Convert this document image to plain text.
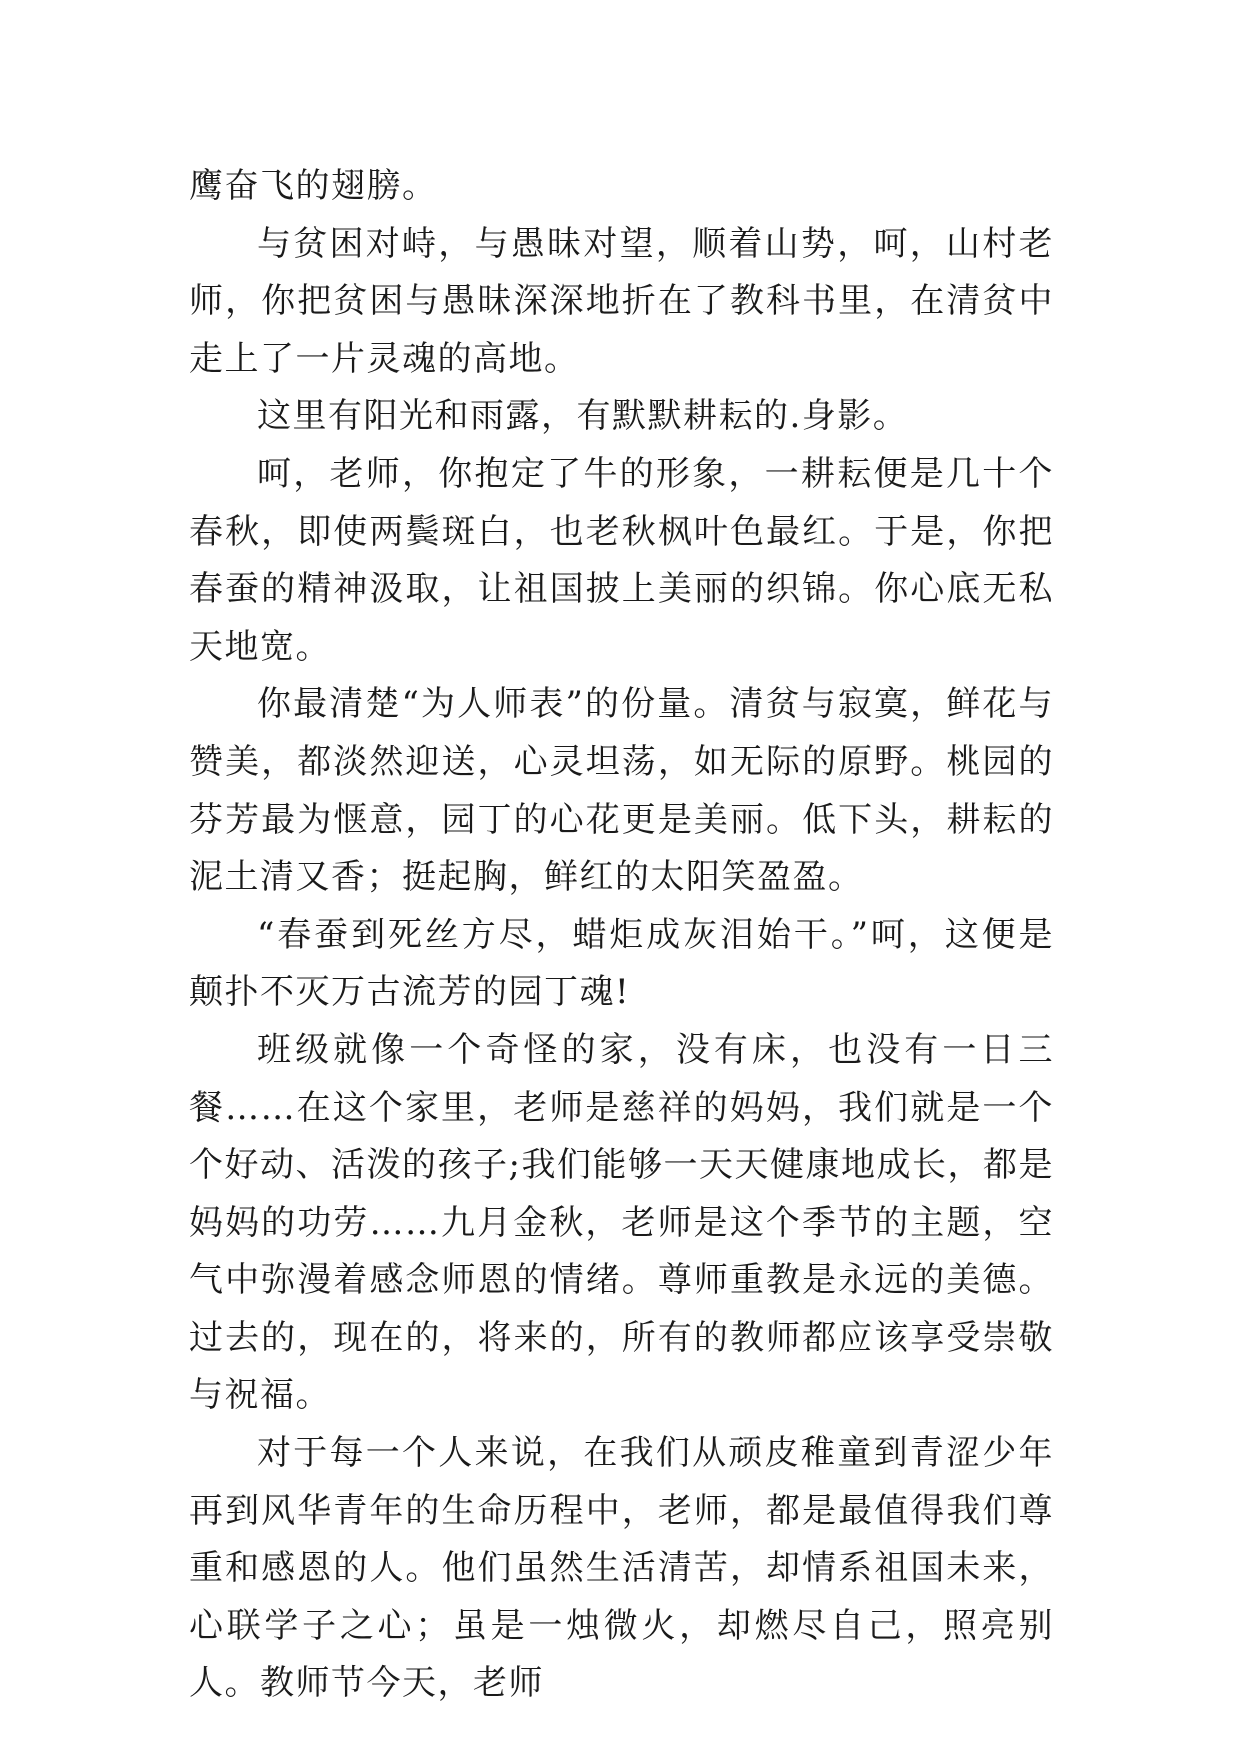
鹰奋飞的翅膀。

与贫困对峙，与愚昧对望，顺着山势，呵，山村老师，你把贫困与愚昧深深地折在了教科书里，在清贫中走上了一片灵魂的高地。

这里有阳光和雨露，有默默耕耘的.身影。

呵，老师，你抱定了牛的形象，一耕耘便是几十个春秋，即使两鬓斑白，也老秋枫叶色最红。于是，你把春蚕的精神汲取，让祖国披上美丽的织锦。你心底无私天地宽。

你最清楚“为人师表”的份量。清贫与寂寞，鲜花与赞美，都淡然迎送，心灵坦荡，如无际的原野。桃园的芬芳最为惬意，园丁的心花更是美丽。低下头，耕耘的泥土清又香；挺起胸，鲜红的太阳笑盈盈。

“春蚕到死丝方尽，蜡炬成灰泪始干。”呵，这便是颠扑不灭万古流芳的园丁魂!

班级就像一个奇怪的家，没有床，也没有一日三餐……在这个家里，老师是慈祥的妈妈，我们就是一个个好动、活泼的孩子;我们能够一天天健康地成长，都是妈妈的功劳……九月金秋，老师是这个季节的主题，空气中弥漫着感念师恩的情绪。尊师重教是永远的美德。过去的，现在的，将来的，所有的教师都应该享受崇敬与祝福。

对于每一个人来说，在我们从顽皮稚童到青涩少年再到风华青年的生命历程中，老师，都是最值得我们尊重和感恩的人。他们虽然生活清苦，却情系祖国未来，心联学子之心；虽是一烛微火，却燃尽自己，照亮别人。教师节今天，老师
